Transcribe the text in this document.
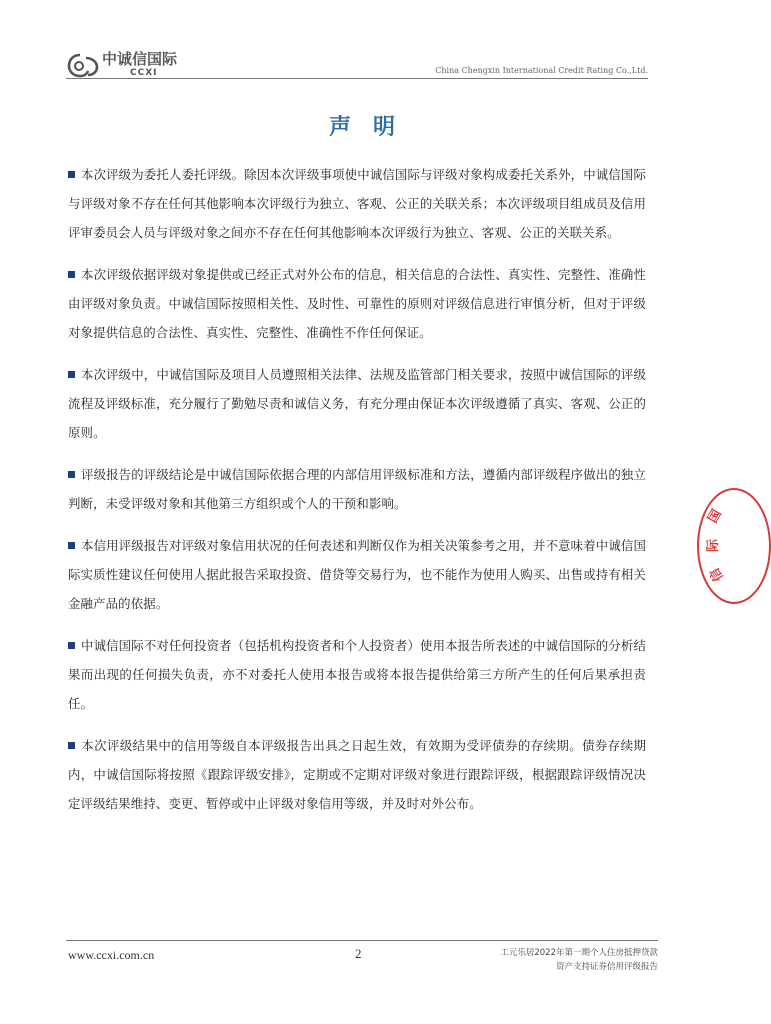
中诚信国际
CCXI	China Chengxin International Credit Rating Co.,Ltd.
声明

本次评级为委托人委托评级。除因本次评级事项使中诚信国际与评级对象构成委托关系外，中诚信国际与评级对象不存在任何其他影响本次评级行为独立、客观、公正的关联关系；本次评级项目组成员及信用评审委员会人员与评级对象之间亦不存在任何其他影响本次评级行为独立、客观、公正的关联关系。

本次评级依据评级对象提供或已经正式对外公布的信息，相关信息的合法性、真实性、完整性、准确性由评级对象负责。中诚信国际按照相关性、及时性、可靠性的原则对评级信息进行审慎分析，但对于评级对象提供信息的合法性、真实性、完整性、准确性不作任何保证。

本次评级中，中诚信国际及项目人员遵照相关法律、法规及监管部门相关要求，按照中诚信国际的评级流程及评级标准，充分履行了勤勉尽责和诚信义务，有充分理由保证本次评级遵循了真实、客观、公正的原则。

评级报告的评级结论是中诚信国际依据合理的内部信用评级标准和方法，遵循内部评级程序做出的独立判断，未受评级对象和其他第三方组织或个人的干预和影响。

本信用评级报告对评级对象信用状况的任何表述和判断仅作为相关决策参考之用，并不意味着中诚信国际实质性建议任何使用人据此报告采取投资、借贷等交易行为，也不能作为使用人购买、出售或持有相关金融产品的依据。

中诚信国际不对任何投资者（包括机构投资者和个人投资者）使用本报告所表述的中诚信国际的分析结果而出现的任何损失负责，亦不对委托人使用本报告或将本报告提供给第三方所产生的任何后果承担责任。

本次评级结果中的信用等级自本评级报告出具之日起生效，有效期为受评债券的存续期。债券存续期内，中诚信国际将按照《跟踪评级安排》，定期或不定期对评级对象进行跟踪评级，根据跟踪评级情况决定评级结果维持、变更、暂停或中止评级对象信用等级，并及时对外公布。

国
际
信
www.ccxi.com.cn	2	工元乐居2022年第一期个人住房抵押贷款
资产支持证券信用评级报告
